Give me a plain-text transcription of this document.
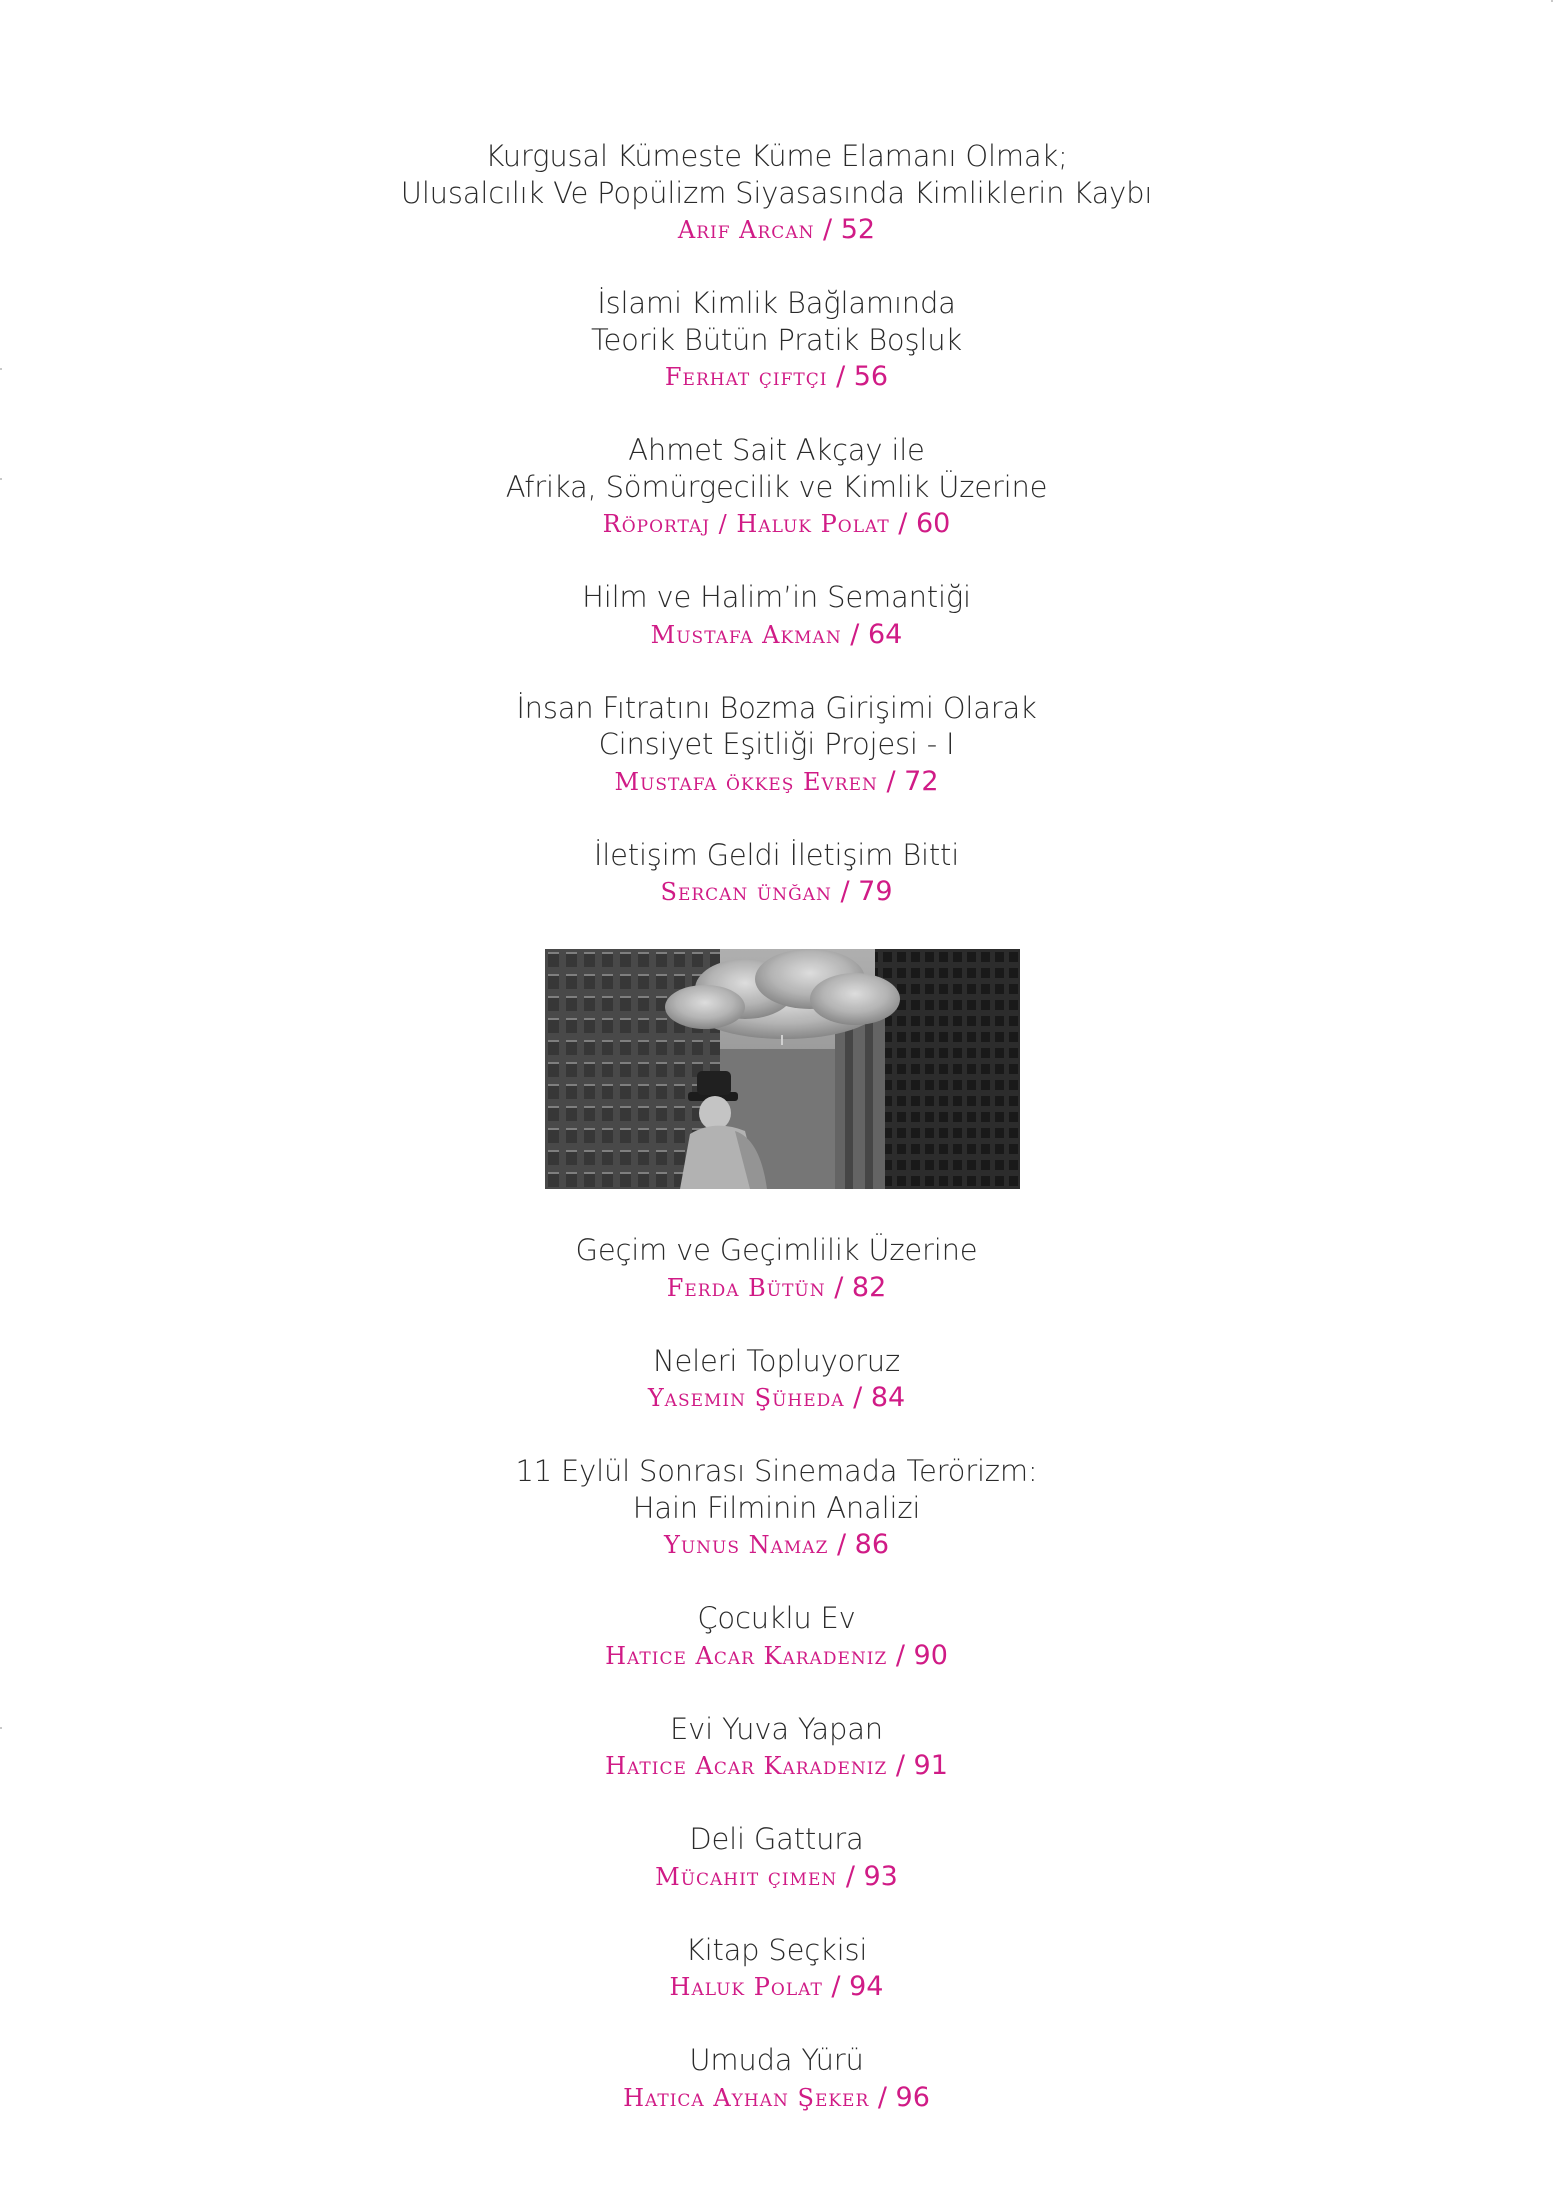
Kurgusal Kümeste Küme Elamanı Olmak;
Ulusalcılık Ve Popülizm Siyasasında Kimliklerin Kaybı
Arif Arcan / 52
İslami Kimlik Bağlamında
Teorik Bütün Pratik Boşluk
Ferhat çiftçi / 56
Ahmet Sait Akçay ile
Afrika, Sömürgecilik ve Kimlik Üzerine
Röportaj / Haluk Polat / 60
Hilm ve Halim’in Semantiği
Mustafa Akman / 64
İnsan Fıtratını Bozma Girişimi Olarak
Cinsiyet Eşitliği Projesi - I
Mustafa ökkeş Evren / 72
İletişim Geldi İletişim Bitti
Sercan ünğan / 79
Geçim ve Geçimlilik Üzerine
Ferda Bütün / 82
Neleri Topluyoruz
Yasemin Şüheda / 84
11 Eylül Sonrası Sinemada Terörizm:
Hain Filminin Analizi
Yunus Namaz / 86
Çocuklu Ev
Hatice Acar Karadeniz / 90
Evi Yuva Yapan
Hatice Acar Karadeniz / 91
Deli Gattura
Mücahit çimen / 93
Kitap Seçkisi
Haluk Polat / 94
Umuda Yürü
Hatica Ayhan Şeker / 96
